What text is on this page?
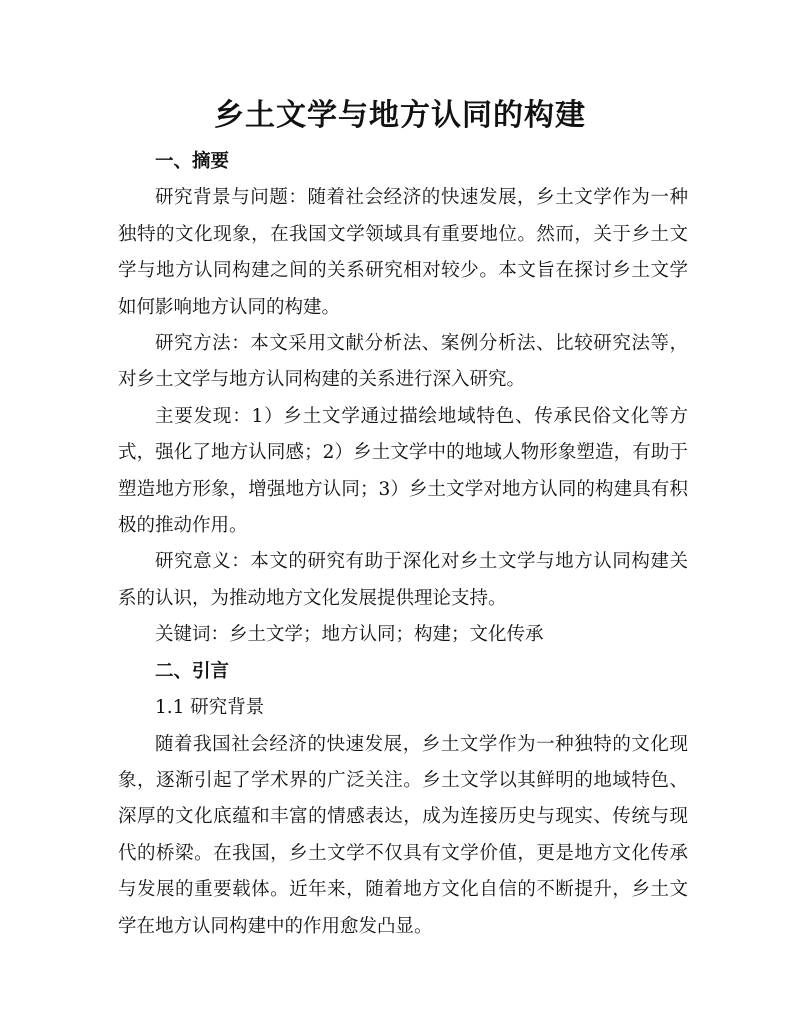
乡土文学与地方认同的构建

一、摘要

研究背景与问题：随着社会经济的快速发展，乡土文学作为一种独特的文化现象，在我国文学领域具有重要地位。然而，关于乡土文学与地方认同构建之间的关系研究相对较少。本文旨在探讨乡土文学如何影响地方认同的构建。

研究方法：本文采用文献分析法、案例分析法、比较研究法等，对乡土文学与地方认同构建的关系进行深入研究。

主要发现：1）乡土文学通过描绘地域特色、传承民俗文化等方式，强化了地方认同感；2）乡土文学中的地域人物形象塑造，有助于塑造地方形象，增强地方认同；3）乡土文学对地方认同的构建具有积极的推动作用。

研究意义：本文的研究有助于深化对乡土文学与地方认同构建关系的认识，为推动地方文化发展提供理论支持。

关键词：乡土文学；地方认同；构建；文化传承

二、引言

1.1 研究背景

随着我国社会经济的快速发展，乡土文学作为一种独特的文化现象，逐渐引起了学术界的广泛关注。乡土文学以其鲜明的地域特色、深厚的文化底蕴和丰富的情感表达，成为连接历史与现实、传统与现代的桥梁。在我国，乡土文学不仅具有文学价值，更是地方文化传承与发展的重要载体。近年来，随着地方文化自信的不断提升，乡土文学在地方认同构建中的作用愈发凸显。
